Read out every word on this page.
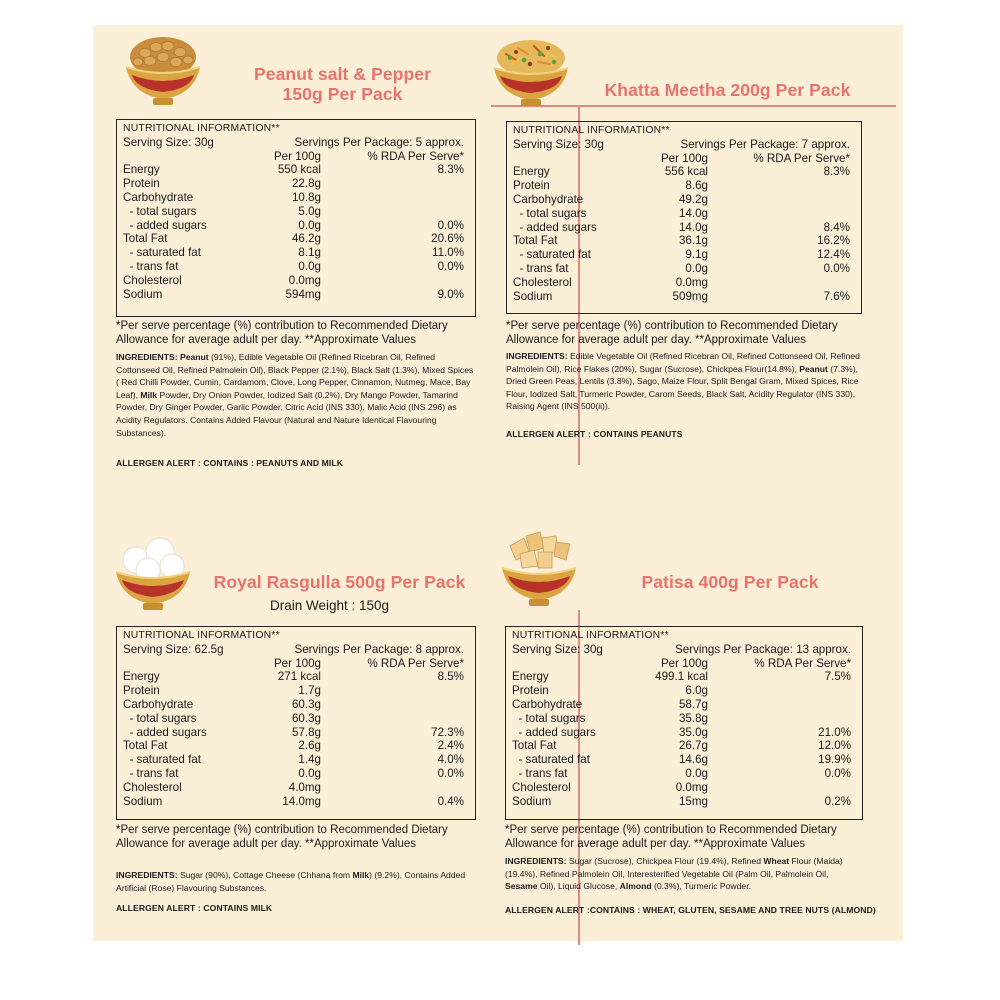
Peanut salt & Pepper
150g Per Pack
NUTRITIONAL INFORMATION**
Serving Size: 30g	Servings Per Package: 5 approx.
Per 100g	% RDA Per Serve*
Energy	550 kcal	8.3%
Protein	22.8g
Carbohydrate	10.8g
- total sugars	5.0g
- added sugars	0.0g	0.0%
Total Fat	46.2g	20.6%
- saturated fat	8.1g	11.0%
- trans fat	0.0g	0.0%
Cholesterol	0.0mg
Sodium	594mg	9.0%
*Per serve percentage (%) contribution to Recommended Dietary Allowance for average adult per day. **Approximate Values
INGREDIENTS: Peanut (91%), Edible Vegetable Oil (Refined Ricebran Oil, Refined Cottonseed Oil, Refined Palmolein Oil), Black Pepper (2.1%), Black Salt (1.3%), Mixed Spices ( Red Chilli Powder, Cumin, Cardamom, Clove, Long Pepper, Cinnamon, Nutmeg, Mace, Bay Leaf), Milk Powder, Dry Onion Powder, Iodized Salt (0.2%), Dry Mango Powder, Tamarind Powder, Dry Ginger Powder, Garlic Powder, Citric Acid (INS 330), Malic Acid (INS 296) as Acidity Regulators. Contains Added Flavour (Natural and Nature Identical Flavouring Substances).
ALLERGEN ALERT : CONTAINS : PEANUTS AND MILK
Khatta Meetha 200g Per Pack
NUTRITIONAL INFORMATION**
Serving Size: 30g	Servings Per Package: 7 approx.
Per 100g	% RDA Per Serve*
Energy	556 kcal	8.3%
Protein	8.6g
Carbohydrate	49.2g
- total sugars	14.0g
- added sugars	14.0g	8.4%
Total Fat	36.1g	16.2%
- saturated fat	9.1g	12.4%
- trans fat	0.0g	0.0%
Cholesterol	0.0mg
Sodium	509mg	7.6%
*Per serve percentage (%) contribution to Recommended Dietary Allowance for average adult per day. **Approximate Values
INGREDIENTS: Edible Vegetable Oil (Refined Ricebran Oil, Refined Cottonseed Oil, Refined Palmolein Oil), Rice Flakes (20%), Sugar (Sucrose), Chickpea Flour(14.8%), Peanut (7.3%), Dried Green Peas, Lentils (3.8%), Sago, Maize Flour, Split Bengal Gram, Mixed Spices, Rice Flour, Iodized Salt, Turmeric Powder, Carom Seeds, Black Salt, Acidity Regulator (INS 330), Raising Agent (INS 500(ii)).
ALLERGEN ALERT : CONTAINS PEANUTS
Royal Rasgulla 500g Per Pack
Drain Weight : 150g
NUTRITIONAL INFORMATION**
Serving Size: 62.5g	Servings Per Package: 8 approx.
Per 100g	% RDA Per Serve*
Energy	271 kcal	8.5%
Protein	1.7g
Carbohydrate	60.3g
- total sugars	60.3g
- added sugars	57.8g	72.3%
Total Fat	2.6g	2.4%
- saturated fat	1.4g	4.0%
- trans fat	0.0g	0.0%
Cholesterol	4.0mg
Sodium	14.0mg	0.4%
*Per serve percentage (%) contribution to Recommended Dietary Allowance for average adult per day. **Approximate Values
INGREDIENTS: Sugar (90%), Cottage Cheese (Chhana from Milk) (9.2%), Contains Added Artificial (Rose) Flavouring Substances.
ALLERGEN ALERT : CONTAINS MILK
Patisa 400g Per Pack
NUTRITIONAL INFORMATION**
Serving Size: 30g	Servings Per Package: 13 approx.
Per 100g	% RDA Per Serve*
Energy	499.1 kcal	7.5%
Protein	6.0g
Carbohydrate	58.7g
- total sugars	35.8g
- added sugars	35.0g	21.0%
Total Fat	26.7g	12.0%
- saturated fat	14.6g	19.9%
- trans fat	0.0g	0.0%
Cholesterol	0.0mg
Sodium	15mg	0.2%
*Per serve percentage (%) contribution to Recommended Dietary Allowance for average adult per day. **Approximate Values
INGREDIENTS: Sugar (Sucrose), Chickpea Flour (19.4%), Refined Wheat Flour (Maida) (19.4%), Refined Palmolein Oil, Interesterified Vegetable Oil (Palm Oil, Palmolein Oil, Sesame Oil), Liquid Glucose, Almond (0.3%), Turmeric Powder.
ALLERGEN ALERT :CONTAINS : WHEAT, GLUTEN, SESAME AND TREE NUTS (ALMOND)
